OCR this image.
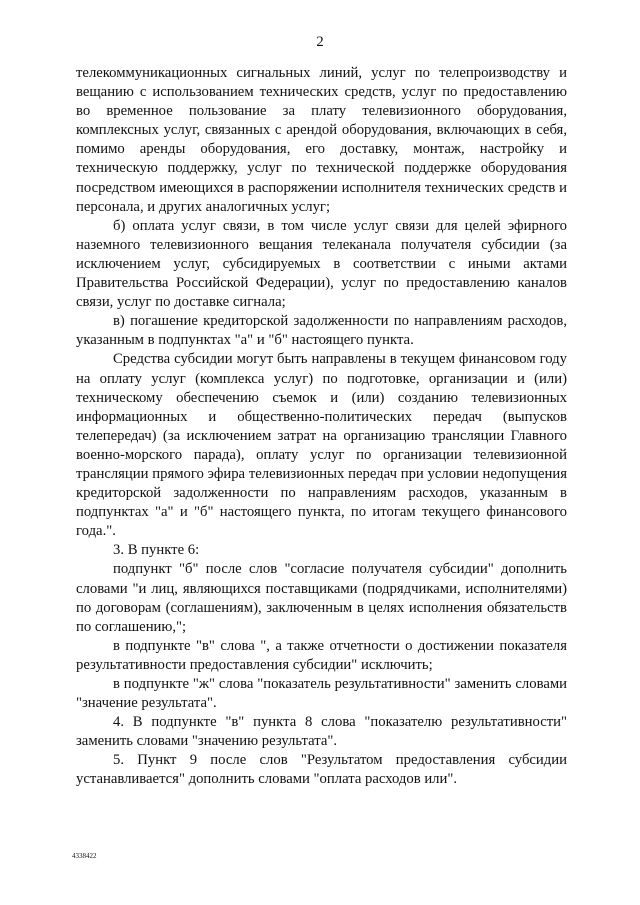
2

телекоммуникационных сигнальных линий, услуг по телепроизводству и вещанию с использованием технических средств, услуг по предоставлению во временное пользование за плату телевизионного оборудования, комплексных услуг, связанных с арендой оборудования, включающих в себя, помимо аренды оборудования, его доставку, монтаж, настройку и техническую поддержку, услуг по технической поддержке оборудования посредством имеющихся в распоряжении исполнителя технических средств и персонала, и других аналогичных услуг;

б) оплата услуг связи, в том числе услуг связи для целей эфирного наземного телевизионного вещания телеканала получателя субсидии (за исключением услуг, субсидируемых в соответствии с иными актами Правительства Российской Федерации), услуг по предоставлению каналов связи, услуг по доставке сигнала;

в) погашение кредиторской задолженности по направлениям расходов, указанным в подпунктах "а" и "б" настоящего пункта.

Средства субсидии могут быть направлены в текущем финансовом году на оплату услуг (комплекса услуг) по подготовке, организации и (или) техническому обеспечению съемок и (или) созданию телевизионных информационных и общественно-политических передач (выпусков телепередач) (за исключением затрат на организацию трансляции Главного военно-морского парада), оплату услуг по организации телевизионной трансляции прямого эфира телевизионных передач при условии недопущения кредиторской задолженности по направлениям расходов, указанным в подпунктах "а" и "б" настоящего пункта, по итогам текущего финансового года.".

3. В пункте 6:

подпункт "б" после слов "согласие получателя субсидии" дополнить словами "и лиц, являющихся поставщиками (подрядчиками, исполнителями) по договорам (соглашениям), заключенным в целях исполнения обязательств по соглашению,";

в подпункте "в" слова ", а также отчетности о достижении показателя результативности предоставления субсидии" исключить;

в подпункте "ж" слова "показатель результативности" заменить словами "значение результата".

4. В подпункте "в" пункта 8 слова "показателю результативности" заменить словами "значению результата".

5. Пункт 9 после слов "Результатом предоставления субсидии устанавливается" дополнить словами "оплата расходов или".

4338422
